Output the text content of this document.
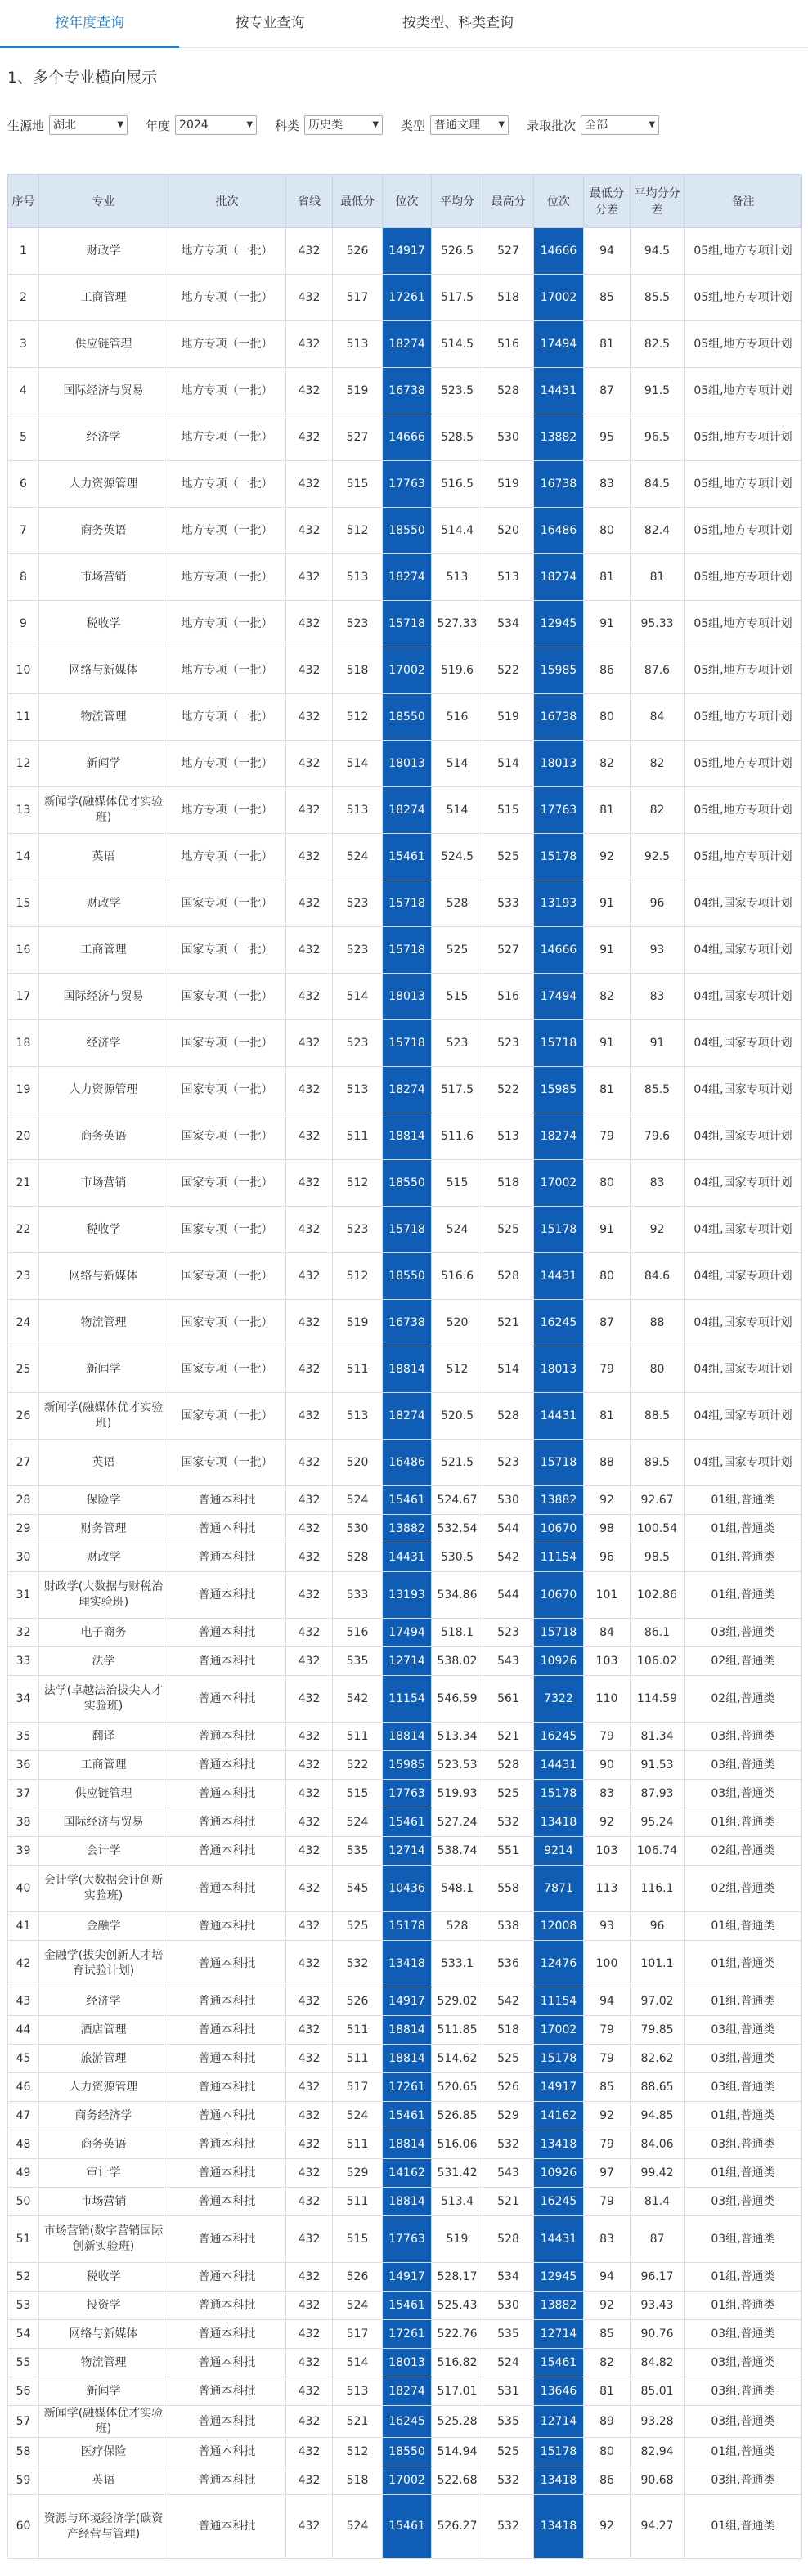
按年度查询	按专业查询	按类型、科类查询
1、多个专业横向展示
生源地 湖北	▼ 年度 2024	▼ 科类 历史类	▼ 类型 普通文理 ▼ 录取批次 全部	▼
序号	专业	批次	省线	最低分	位次	平均分	最高分	位次	最低分分差	平均分分差	备注
1	财政学	地方专项（一批）	432	526	14917	526.5	527	14666	94	94.5	05组,地方专项计划
2	工商管理	地方专项（一批）	432	517	17261	517.5	518	17002	85	85.5	05组,地方专项计划
3	供应链管理	地方专项（一批）	432	513	18274	514.5	516	17494	81	82.5	05组,地方专项计划
4	国际经济与贸易	地方专项（一批）	432	519	16738	523.5	528	14431	87	91.5	05组,地方专项计划
5	经济学	地方专项（一批）	432	527	14666	528.5	530	13882	95	96.5	05组,地方专项计划
6	人力资源管理	地方专项（一批）	432	515	17763	516.5	519	16738	83	84.5	05组,地方专项计划
7	商务英语	地方专项（一批）	432	512	18550	514.4	520	16486	80	82.4	05组,地方专项计划
8	市场营销	地方专项（一批）	432	513	18274	513	513	18274	81	81	05组,地方专项计划
9	税收学	地方专项（一批）	432	523	15718	527.33	534	12945	91	95.33	05组,地方专项计划
10	网络与新媒体	地方专项（一批）	432	518	17002	519.6	522	15985	86	87.6	05组,地方专项计划
11	物流管理	地方专项（一批）	432	512	18550	516	519	16738	80	84	05组,地方专项计划
12	新闻学	地方专项（一批）	432	514	18013	514	514	18013	82	82	05组,地方专项计划
13	新闻学(融媒体优才实验班)	地方专项（一批）	432	513	18274	514	515	17763	81	82	05组,地方专项计划
14	英语	地方专项（一批）	432	524	15461	524.5	525	15178	92	92.5	05组,地方专项计划
15	财政学	国家专项（一批）	432	523	15718	528	533	13193	91	96	04组,国家专项计划
16	工商管理	国家专项（一批）	432	523	15718	525	527	14666	91	93	04组,国家专项计划
17	国际经济与贸易	国家专项（一批）	432	514	18013	515	516	17494	82	83	04组,国家专项计划
18	经济学	国家专项（一批）	432	523	15718	523	523	15718	91	91	04组,国家专项计划
19	人力资源管理	国家专项（一批）	432	513	18274	517.5	522	15985	81	85.5	04组,国家专项计划
20	商务英语	国家专项（一批）	432	511	18814	511.6	513	18274	79	79.6	04组,国家专项计划
21	市场营销	国家专项（一批）	432	512	18550	515	518	17002	80	83	04组,国家专项计划
22	税收学	国家专项（一批）	432	523	15718	524	525	15178	91	92	04组,国家专项计划
23	网络与新媒体	国家专项（一批）	432	512	18550	516.6	528	14431	80	84.6	04组,国家专项计划
24	物流管理	国家专项（一批）	432	519	16738	520	521	16245	87	88	04组,国家专项计划
25	新闻学	国家专项（一批）	432	511	18814	512	514	18013	79	80	04组,国家专项计划
26	新闻学(融媒体优才实验班)	国家专项（一批）	432	513	18274	520.5	528	14431	81	88.5	04组,国家专项计划
27	英语	国家专项（一批）	432	520	16486	521.5	523	15718	88	89.5	04组,国家专项计划
28	保险学	普通本科批	432	524	15461	524.67	530	13882	92	92.67	01组,普通类
29	财务管理	普通本科批	432	530	13882	532.54	544	10670	98	100.54	01组,普通类
30	财政学	普通本科批	432	528	14431	530.5	542	11154	96	98.5	01组,普通类
31	财政学(大数据与财税治理实验班)	普通本科批	432	533	13193	534.86	544	10670	101	102.86	01组,普通类
32	电子商务	普通本科批	432	516	17494	518.1	523	15718	84	86.1	03组,普通类
33	法学	普通本科批	432	535	12714	538.02	543	10926	103	106.02	02组,普通类
34	法学(卓越法治拔尖人才实验班)	普通本科批	432	542	11154	546.59	561	7322	110	114.59	02组,普通类
35	翻译	普通本科批	432	511	18814	513.34	521	16245	79	81.34	03组,普通类
36	工商管理	普通本科批	432	522	15985	523.53	528	14431	90	91.53	03组,普通类
37	供应链管理	普通本科批	432	515	17763	519.93	525	15178	83	87.93	03组,普通类
38	国际经济与贸易	普通本科批	432	524	15461	527.24	532	13418	92	95.24	01组,普通类
39	会计学	普通本科批	432	535	12714	538.74	551	9214	103	106.74	02组,普通类
40	会计学(大数据会计创新实验班)	普通本科批	432	545	10436	548.1	558	7871	113	116.1	02组,普通类
41	金融学	普通本科批	432	525	15178	528	538	12008	93	96	01组,普通类
42	金融学(拔尖创新人才培育试验计划)	普通本科批	432	532	13418	533.1	536	12476	100	101.1	01组,普通类
43	经济学	普通本科批	432	526	14917	529.02	542	11154	94	97.02	01组,普通类
44	酒店管理	普通本科批	432	511	18814	511.85	518	17002	79	79.85	03组,普通类
45	旅游管理	普通本科批	432	511	18814	514.62	525	15178	79	82.62	03组,普通类
46	人力资源管理	普通本科批	432	517	17261	520.65	526	14917	85	88.65	03组,普通类
47	商务经济学	普通本科批	432	524	15461	526.85	529	14162	92	94.85	01组,普通类
48	商务英语	普通本科批	432	511	18814	516.06	532	13418	79	84.06	03组,普通类
49	审计学	普通本科批	432	529	14162	531.42	543	10926	97	99.42	01组,普通类
50	市场营销	普通本科批	432	511	18814	513.4	521	16245	79	81.4	03组,普通类
51	市场营销(数字营销国际创新实验班)	普通本科批	432	515	17763	519	528	14431	83	87	03组,普通类
52	税收学	普通本科批	432	526	14917	528.17	534	12945	94	96.17	01组,普通类
53	投资学	普通本科批	432	524	15461	525.43	530	13882	92	93.43	01组,普通类
54	网络与新媒体	普通本科批	432	517	17261	522.76	535	12714	85	90.76	03组,普通类
55	物流管理	普通本科批	432	514	18013	516.82	524	15461	82	84.82	03组,普通类
56	新闻学	普通本科批	432	513	18274	517.01	531	13646	81	85.01	03组,普通类
57	新闻学(融媒体优才实验班)	普通本科批	432	521	16245	525.28	535	12714	89	93.28	03组,普通类
58	医疗保险	普通本科批	432	512	18550	514.94	525	15178	80	82.94	01组,普通类
59	英语	普通本科批	432	518	17002	522.68	532	13418	86	90.68	03组,普通类
60	资源与环境经济学(碳资产经营与管理)	普通本科批	432	524	15461	526.27	532	13418	92	94.27	01组,普通类
